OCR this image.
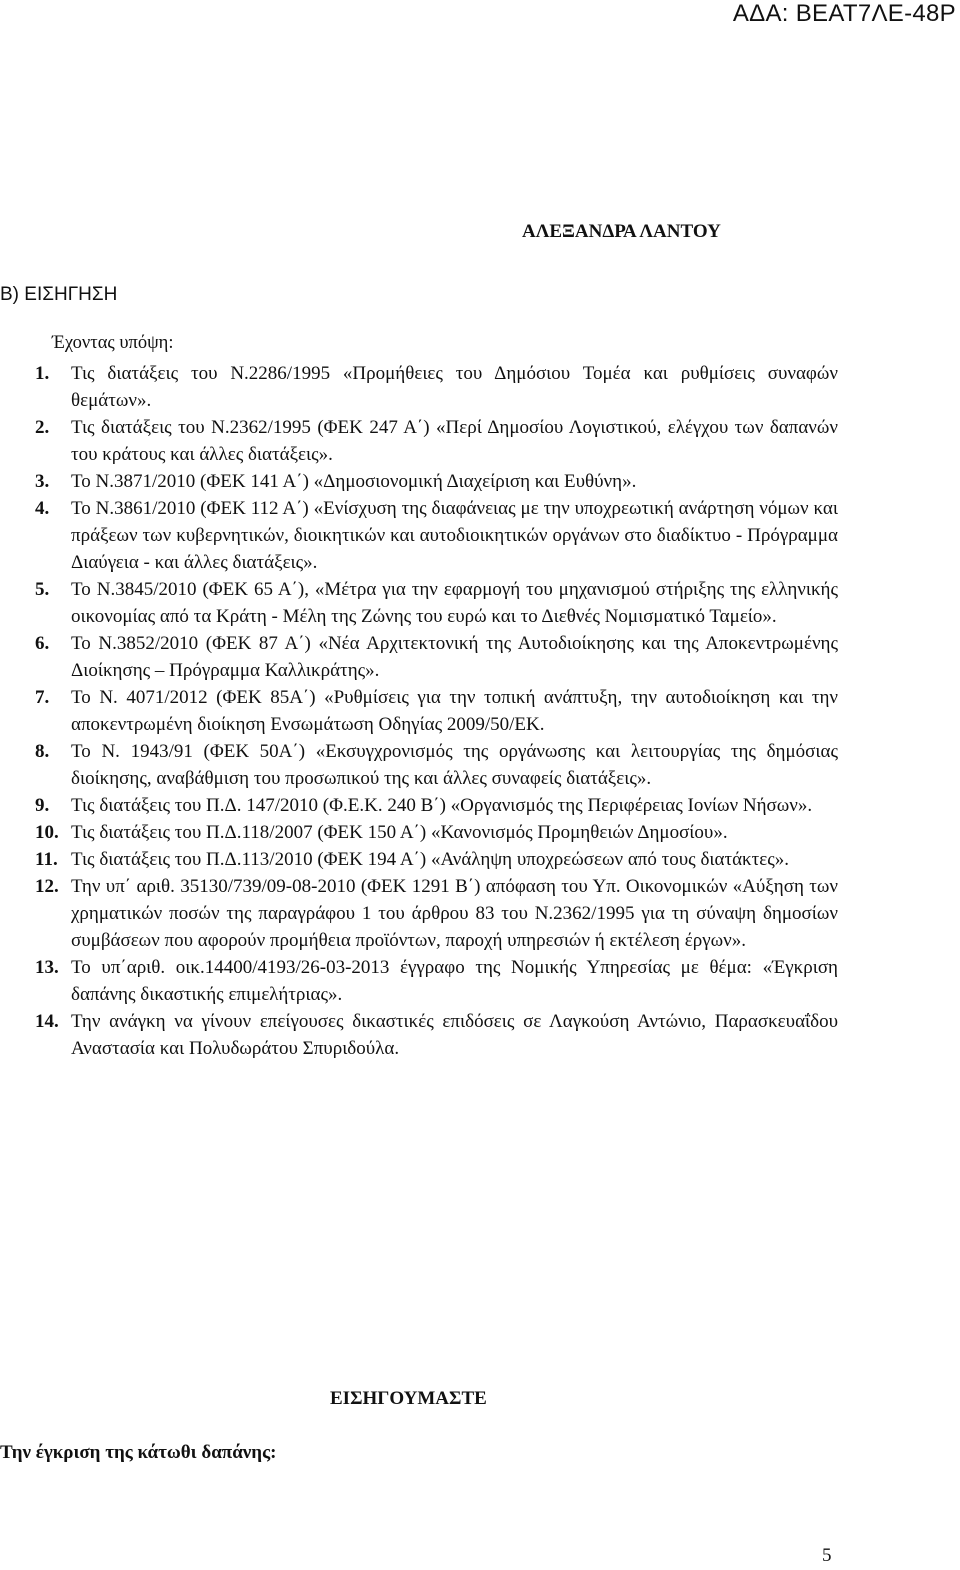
ΑΔΑ: ΒΕΑΤ7ΛΕ-48Ρ
ΑΛΕΞΑΝΔΡΑ ΛΑΝΤΟΥ
Β) ΕΙΣΗΓΗΣΗ
Έχοντας υπόψη:
1. Τις διατάξεις του Ν.2286/1995 «Προμήθειες του Δημόσιου Τομέα και ρυθμίσεις συναφών θεμάτων».
2. Τις διατάξεις του Ν.2362/1995 (ΦΕΚ 247 Α΄) «Περί Δημοσίου Λογιστικού, ελέγχου των δαπανών του κράτους και άλλες διατάξεις».
3. Το Ν.3871/2010 (ΦΕΚ 141 Α΄) «Δημοσιονομική Διαχείριση και Ευθύνη».
4. Το Ν.3861/2010 (ΦΕΚ 112 Α΄) «Ενίσχυση της διαφάνειας με την υποχρεωτική ανάρτηση νόμων και πράξεων των κυβερνητικών, διοικητικών και αυτοδιοικητικών οργάνων στο διαδίκτυο - Πρόγραμμα Διαύγεια - και άλλες διατάξεις».
5. Το Ν.3845/2010 (ΦΕΚ 65 Α΄), «Μέτρα για την εφαρμογή του μηχανισμού στήριξης της ελληνικής οικονομίας από τα Κράτη - Μέλη της Ζώνης του ευρώ και το Διεθνές Νομισματικό Ταμείο».
6. Το Ν.3852/2010 (ΦΕΚ 87 Α΄) «Νέα Αρχιτεκτονική της Αυτοδιοίκησης και της Αποκεντρωμένης Διοίκησης – Πρόγραμμα Καλλικράτης».
7. Το Ν. 4071/2012 (ΦΕΚ 85Α΄) «Ρυθμίσεις για την τοπική ανάπτυξη, την αυτοδιοίκηση και την αποκεντρωμένη διοίκηση Ενσωμάτωση Οδηγίας 2009/50/ΕΚ.
8. Το Ν. 1943/91 (ΦΕΚ 50Α΄) «Εκσυγχρονισμός της οργάνωσης και λειτουργίας της δημόσιας διοίκησης, αναβάθμιση του προσωπικού της και άλλες συναφείς διατάξεις».
9. Τις διατάξεις του Π.Δ. 147/2010 (Φ.Ε.Κ. 240 Β΄) «Οργανισμός της Περιφέρειας Ιονίων Νήσων».
10. Τις διατάξεις του Π.Δ.118/2007 (ΦΕΚ 150 Α΄) «Κανονισμός Προμηθειών Δημοσίου».
11. Τις διατάξεις του Π.Δ.113/2010 (ΦΕΚ 194 Α΄) «Ανάληψη υποχρεώσεων από τους διατάκτες».
12. Την υπ΄ αριθ. 35130/739/09-08-2010 (ΦΕΚ 1291 Β΄) απόφαση του Υπ. Οικονομικών «Αύξηση των χρηματικών ποσών της παραγράφου 1 του άρθρου 83 του Ν.2362/1995 για τη σύναψη δημοσίων συμβάσεων που αφορούν προμήθεια προϊόντων, παροχή υπηρεσιών ή εκτέλεση έργων».
13. Το υπ΄αριθ. οικ.14400/4193/26-03-2013 έγγραφο της Νομικής Υπηρεσίας με θέμα: «Έγκριση δαπάνης δικαστικής επιμελήτριας».
14. Την ανάγκη να γίνουν επείγουσες δικαστικές επιδόσεις σε Λαγκούση Αντώνιο, Παρασκευαΐδου Αναστασία και Πολυδωράτου Σπυριδούλα.
ΕΙΣΗΓΟΥΜΑΣΤΕ
Την έγκριση της κάτωθι δαπάνης:
5
